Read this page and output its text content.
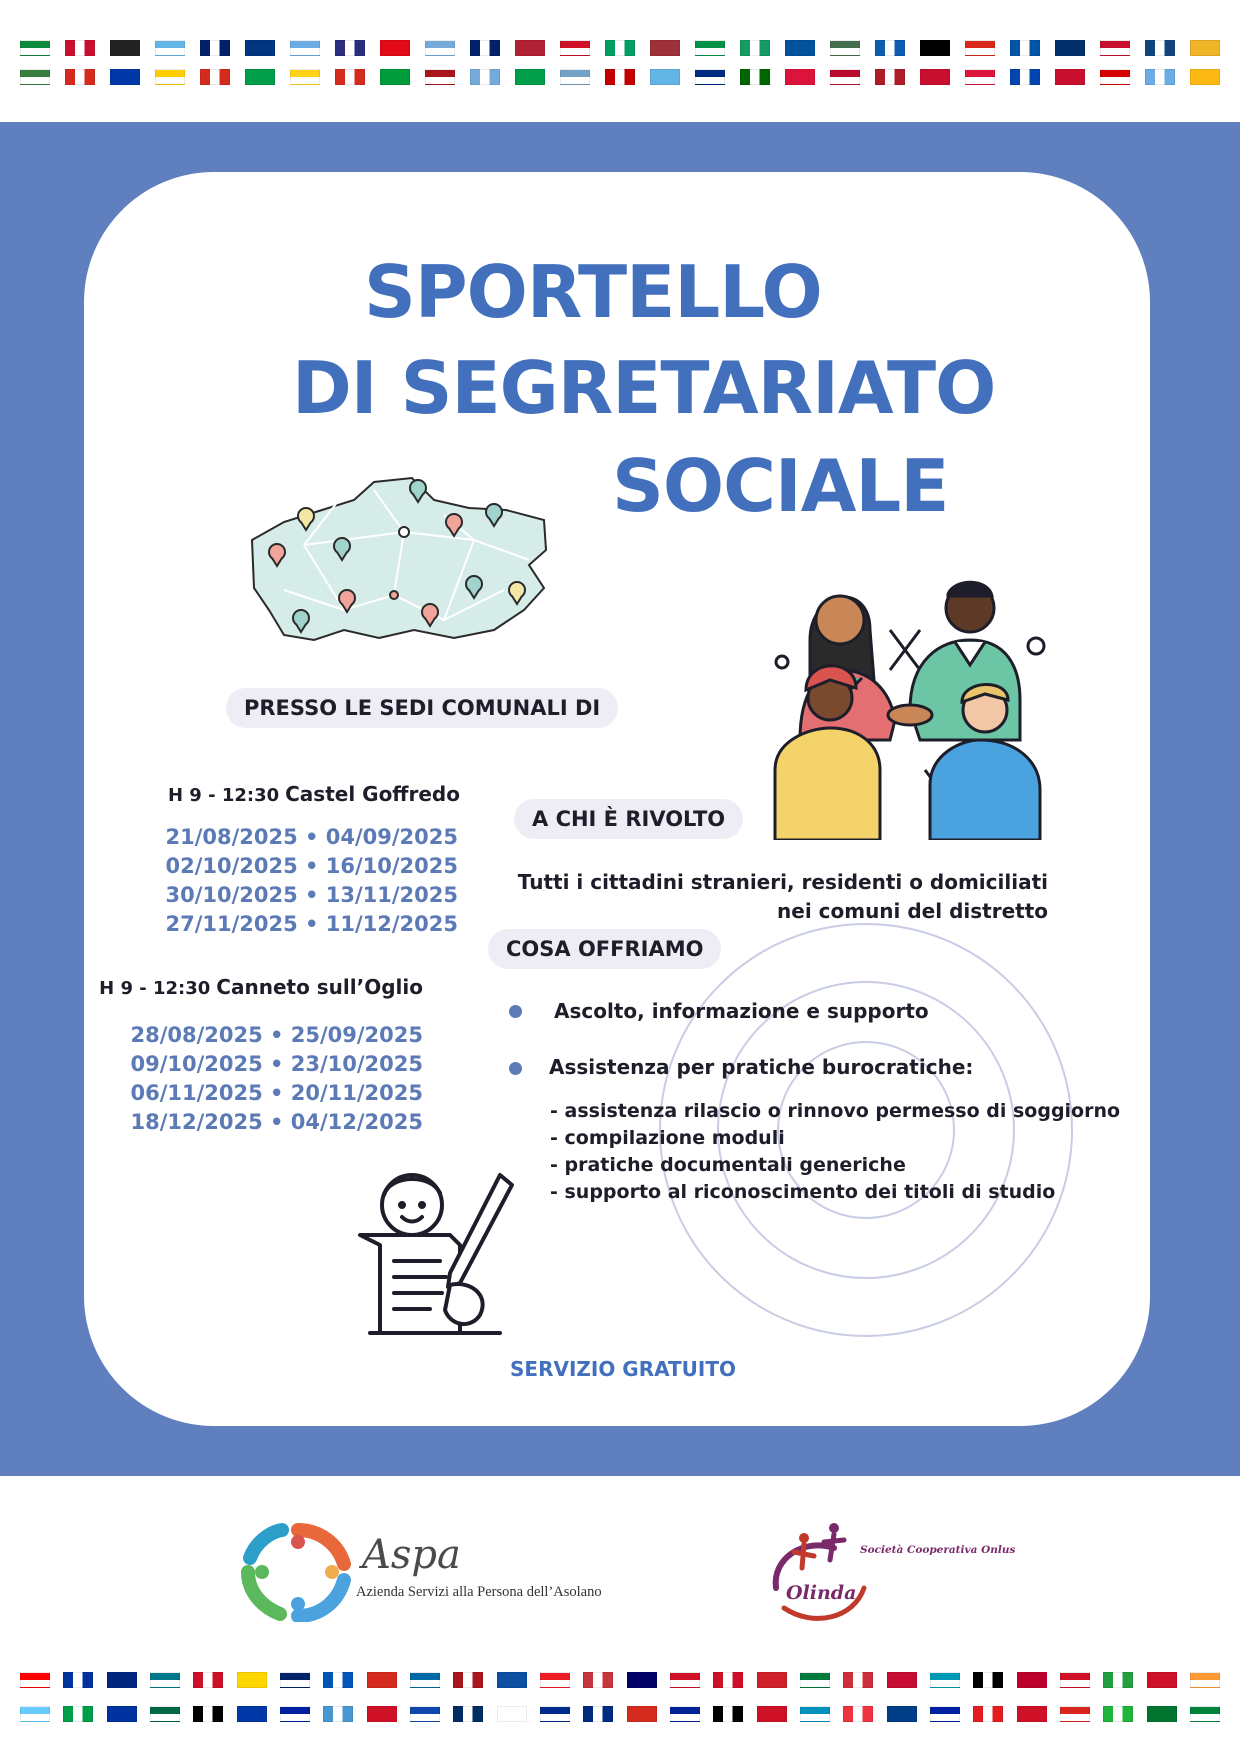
SPORTELLO
DI SEGRETARIATO
SOCIALE
PRESSO LE SEDI COMUNALI DI
H 9 - 12:30 Castel Goffredo
21/08/2025 • 04/09/2025
02/10/2025 • 16/10/2025
30/10/2025 • 13/11/2025
27/11/2025 • 11/12/2025
H 9 - 12:30 Canneto sull’Oglio
28/08/2025 • 25/09/2025
09/10/2025 • 23/10/2025
06/11/2025 • 20/11/2025
18/12/2025 • 04/12/2025
A CHI È RIVOLTO
Tutti i cittadini stranieri, residenti o domiciliati
nei comuni del distretto
COSA OFFRIAMO
Ascolto, informazione e supporto
Assistenza per pratiche burocratiche:
- assistenza rilascio o rinnovo permesso di soggiorno
- compilazione moduli
- pratiche documentali generiche
- supporto al riconoscimento dei titoli di studio
SERVIZIO GRATUITO
Aspa
Azienda Servizi alla Persona dell’Asolano	Olinda
Società Cooperativa Onlus
